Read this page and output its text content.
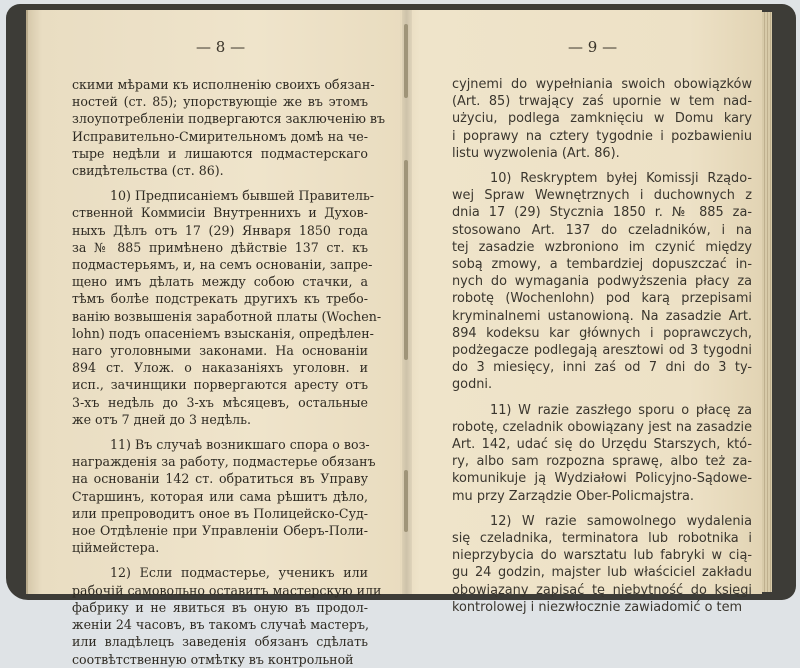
— 8 —	— 9 —
скими мѣрами къ исполненію своихъ обязан-
ностей (ст. 85); упорствующіе же въ этомъ
злоупотребленіи подвергаются заключенію въ
Исправительно-Смирительномъ домѣ на че-
тыре недѣли и лишаются подмастерскаго
свидѣтельства (ст. 86).
10) Предписаніемъ бывшей Правитель-
ственной Коммисіи Внутреннихъ и Духов-
ныхъ Дѣлъ отъ 17 (29) Января 1850 года
за № 885 примѣнено дѣйствіе 137 ст. къ
подмастерьямъ, и, на семъ основаніи, запре-
щено имъ дѣлать между собою стачки, а
тѣмъ болѣе подстрекать другихъ къ требо-
ванію возвышенія заработной платы (Wochen-
lohn) подъ опасеніемъ взысканія, опредѣлен-
наго уголовными законами. На основаніи
894 ст. Улож. о наказаніяхъ уголовн. и
исп., зачинщики порвергаются аресту отъ
3-хъ недѣль до 3-хъ мѣсяцевъ, остальные
же отъ 7 дней до 3 недѣль.
11) Въ случаѣ возникшаго спора о воз-
награжденія за работу, подмастерье обязанъ
на основаніи 142 ст. обратиться въ Управу
Старшинъ, которая или сама рѣшитъ дѣло,
или препроводитъ оное въ Полицейско-Суд-
ное Отдѣленіе при Управленіи Оберъ-Поли-
ціймейстера.
12) Если подмастерье, ученикъ или
рабочій самовольно оставитъ мастерскую или
фабрику и не явиться въ оную въ продол-
женіи 24 часовъ, въ такомъ случаѣ мастеръ,
или владѣлецъ заведенія обязанъ сдѣлать
соотвѣтственную отмѣтку въ контрольной
cyjnemi do wypełniania swoich obowiązków
(Art. 85) trwający zaś upornie w tem nad-
użyciu, podlega zamknięciu w Domu kary
i poprawy na cztery tygodnie i pozbawieniu
listu wyzwolenia (Art. 86).
10) Reskryptem byłej Komissji Rządo-
wej Spraw Wewnętrznych i duchownych z
dnia 17 (29) Stycznia 1850 r. № 885 za-
stosowano Art. 137 do czeladników, i na
tej zasadzie wzbroniono im czynić między
sobą zmowy, a tembardziej dopuszczać in-
nych do wymagania podwyższenia płacy za
robotę (Wochenlohn) pod karą przepisami
kryminalnemi ustanowioną. Na zasadzie Art.
894 kodeksu kar głównych i poprawczych,
podżegacze podlegają aresztowi od 3 tygodni
do 3 miesięcy, inni zaś od 7 dni do 3 ty-
godni.
11) W razie zaszłego sporu o płacę za
robotę, czeladnik obowiązany jest na zasadzie
Art. 142, udać się do Urzędu Starszych, któ-
ry, albo sam rozpozna sprawę, albo też za-
komunikuje ją Wydziałowi Policyjno-Sądowe-
mu przy Zarządzie Ober-Policmajstra.
12) W razie samowolnego wydalenia
się czeladnika, terminatora lub robotnika i
nieprzybycia do warsztatu lub fabryki w cią-
gu 24 godzin, majster lub właściciel zakładu
obowiązany zapisać tę niebytność do księgi
kontrolowej i niezwłocznie zawiadomić o tem
